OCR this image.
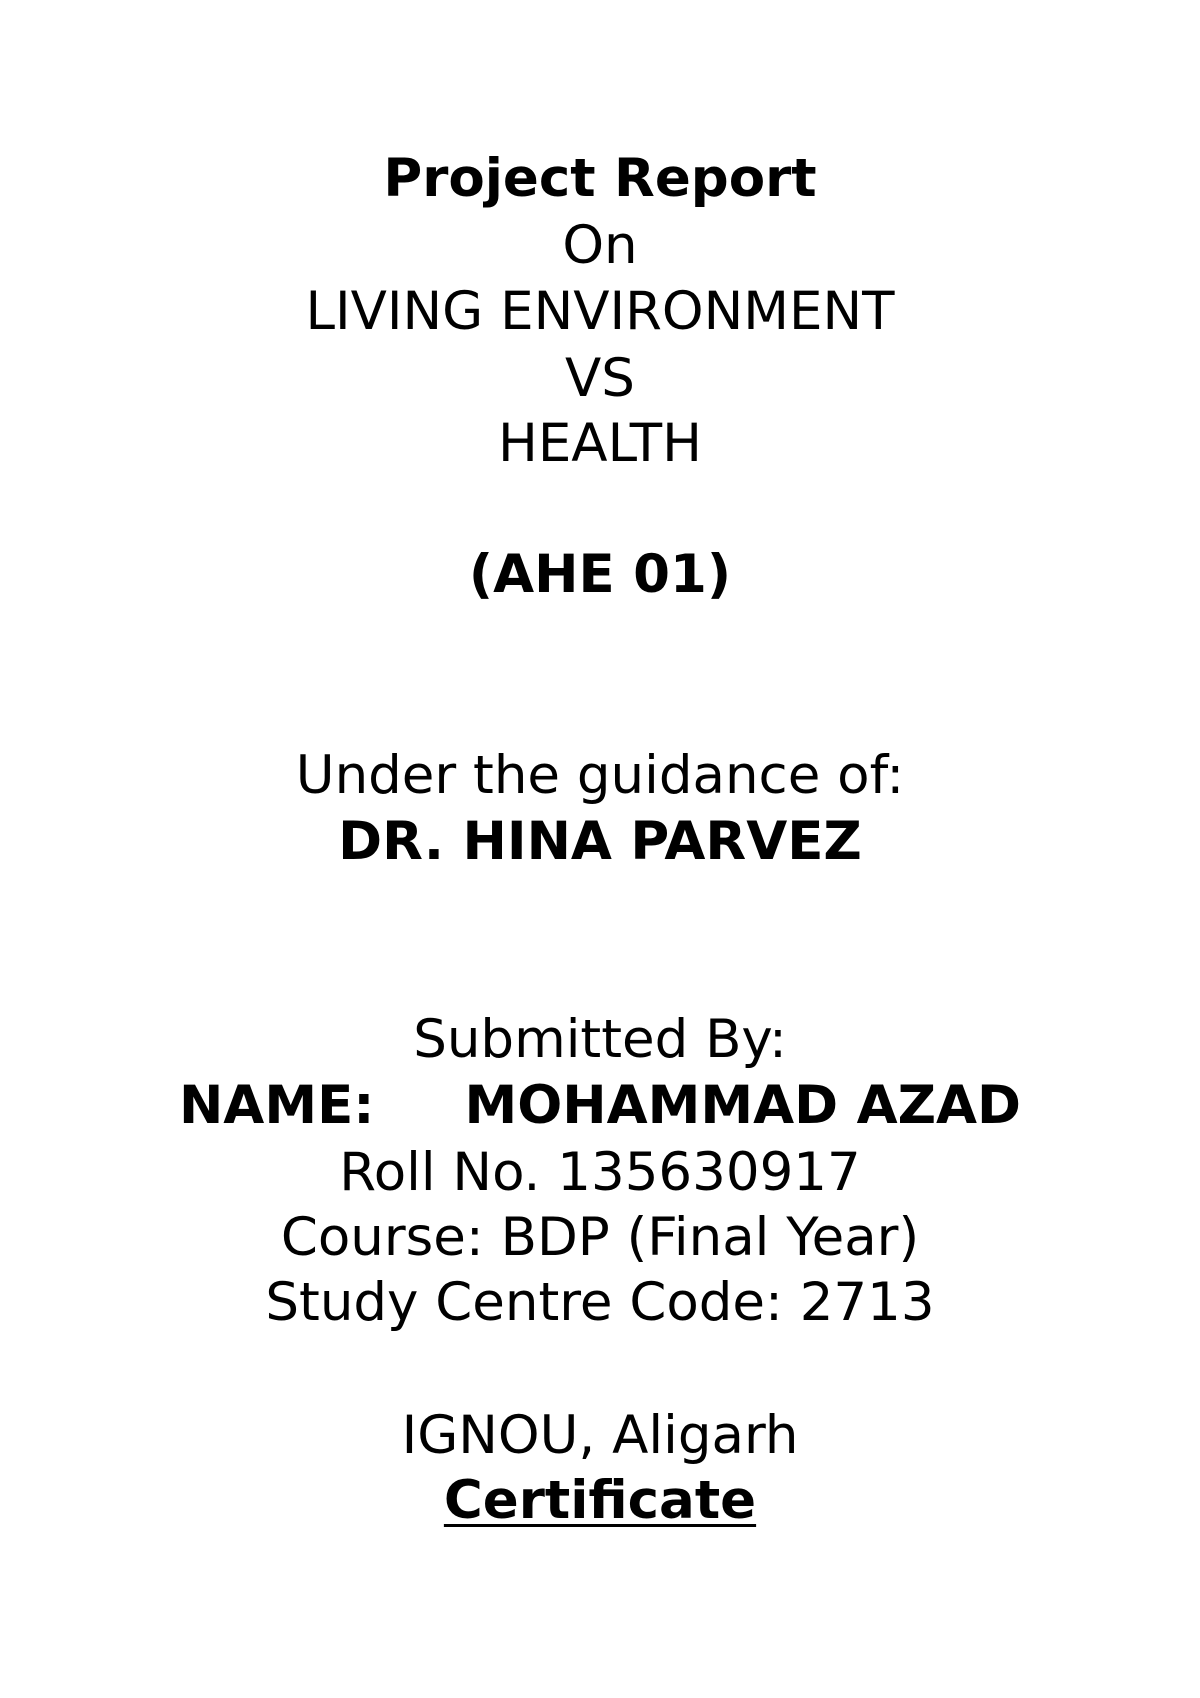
Project Report
On
LIVING ENVIRONMENT
VS
HEALTH
(AHE 01)
Under the guidance of:
DR. HINA PARVEZ
Submitted By:
NAME: MOHAMMAD AZAD
Roll No. 135630917
Course: BDP (Final Year)
Study Centre Code: 2713
IGNOU, Aligarh
Certificate
